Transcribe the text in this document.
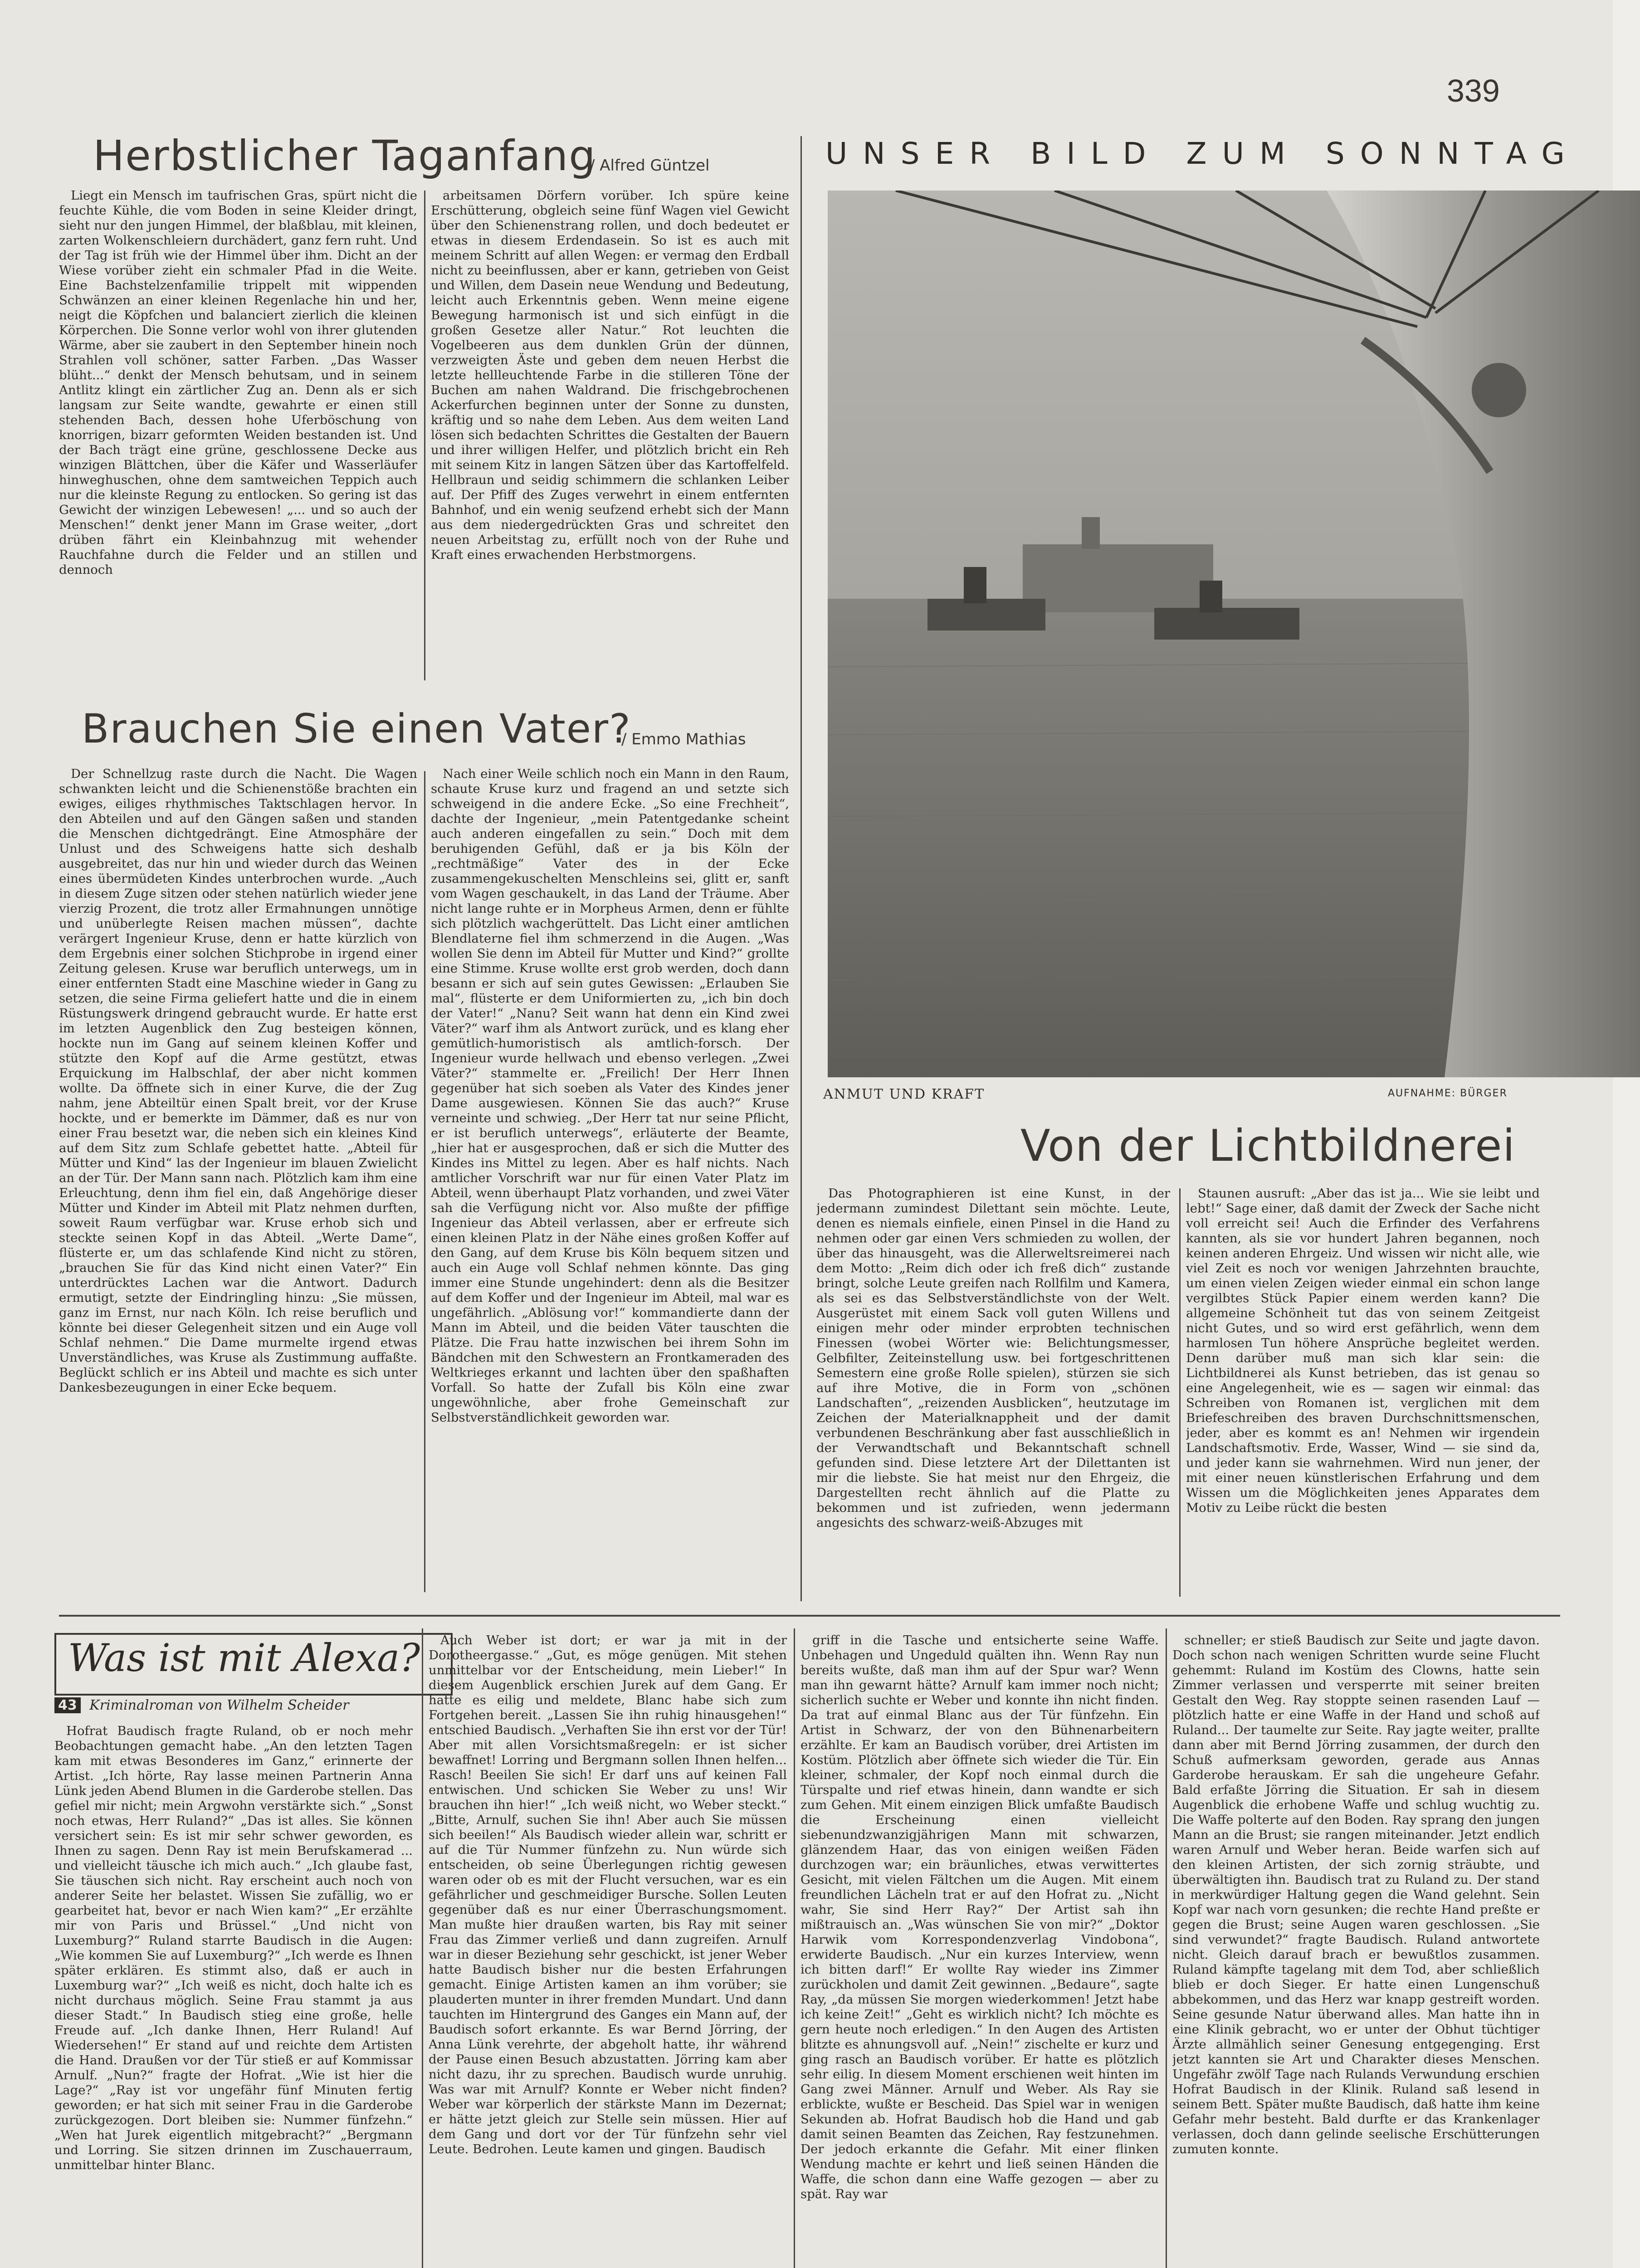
339
Herbstlicher Taganfang
/ Alfred Güntzel

Liegt ein Mensch im taufrischen Gras, spürt nicht die feuchte Kühle, die vom Boden in seine Kleider dringt, sieht nur den jungen Himmel, der blaßblau, mit kleinen, zarten Wolkenschleiern durchädert, ganz fern ruht. Und der Tag ist früh wie der Himmel über ihm. Dicht an der Wiese vorüber zieht ein schmaler Pfad in die Weite. Eine Bachstelzenfamilie trippelt mit wippenden Schwänzen an einer kleinen Regenlache hin und her, neigt die Köpfchen und balanciert zierlich die kleinen Körperchen. Die Sonne verlor wohl von ihrer glutenden Wärme, aber sie zaubert in den September hinein noch Strahlen voll schöner, satter Farben. „Das Wasser blüht...“ denkt der Mensch behutsam, und in seinem Antlitz klingt ein zärtlicher Zug an. Denn als er sich langsam zur Seite wandte, gewahrte er einen still stehenden Bach, dessen hohe Uferböschung von knorrigen, bizarr geformten Weiden bestanden ist. Und der Bach trägt eine grüne, geschlossene Decke aus winzigen Blättchen, über die Käfer und Wasserläufer hinweghuschen, ohne dem samtweichen Teppich auch nur die kleinste Regung zu entlocken. So gering ist das Gewicht der winzigen Lebewesen! „... und so auch der Menschen!“ denkt jener Mann im Grase weiter, „dort drüben fährt ein Kleinbahnzug mit wehender Rauchfahne durch die Felder und an stillen und dennoch

arbeitsamen Dörfern vorüber. Ich spüre keine Erschütterung, obgleich seine fünf Wagen viel Gewicht über den Schienenstrang rollen, und doch bedeutet er etwas in diesem Erdendasein. So ist es auch mit meinem Schritt auf allen Wegen: er vermag den Erdball nicht zu beeinflussen, aber er kann, getrieben von Geist und Willen, dem Dasein neue Wendung und Bedeutung, leicht auch Erkenntnis geben. Wenn meine eigene Bewegung harmonisch ist und sich einfügt in die großen Gesetze aller Natur.“ Rot leuchten die Vogelbeeren aus dem dunklen Grün der dünnen, verzweigten Äste und geben dem neuen Herbst die letzte hellleuchtende Farbe in die stilleren Töne der Buchen am nahen Waldrand. Die frischgebrochenen Ackerfurchen beginnen unter der Sonne zu dunsten, kräftig und so nahe dem Leben. Aus dem weiten Land lösen sich bedachten Schrittes die Gestalten der Bauern und ihrer willigen Helfer, und plötzlich bricht ein Reh mit seinem Kitz in langen Sätzen über das Kartoffelfeld. Hellbraun und seidig schimmern die schlanken Leiber auf. Der Pfiff des Zuges verwehrt in einem entfernten Bahnhof, und ein wenig seufzend erhebt sich der Mann aus dem niedergedrückten Gras und schreitet den neuen Arbeitstag zu, erfüllt noch von der Ruhe und Kraft eines erwachenden Herbstmorgens.

Brauchen Sie einen Vater?
/ Emmo Mathias

Der Schnellzug raste durch die Nacht. Die Wagen schwankten leicht und die Schienenstöße brachten ein ewiges, eiliges rhythmisches Taktschlagen hervor. In den Abteilen und auf den Gängen saßen und standen die Menschen dichtgedrängt. Eine Atmosphäre der Unlust und des Schweigens hatte sich deshalb ausgebreitet, das nur hin und wieder durch das Weinen eines übermüdeten Kindes unterbrochen wurde. „Auch in diesem Zuge sitzen oder stehen natürlich wieder jene vierzig Prozent, die trotz aller Ermahnungen unnötige und unüberlegte Reisen machen müssen“, dachte verärgert Ingenieur Kruse, denn er hatte kürzlich von dem Ergebnis einer solchen Stichprobe in irgend einer Zeitung gelesen. Kruse war beruflich unterwegs, um in einer entfernten Stadt eine Maschine wieder in Gang zu setzen, die seine Firma geliefert hatte und die in einem Rüstungswerk dringend gebraucht wurde. Er hatte erst im letzten Augenblick den Zug besteigen können, hockte nun im Gang auf seinem kleinen Koffer und stützte den Kopf auf die Arme gestützt, etwas Erquickung im Halbschlaf, der aber nicht kommen wollte. Da öffnete sich in einer Kurve, die der Zug nahm, jene Abteiltür einen Spalt breit, vor der Kruse hockte, und er bemerkte im Dämmer, daß es nur von einer Frau besetzt war, die neben sich ein kleines Kind auf dem Sitz zum Schlafe gebettet hatte. „Abteil für Mütter und Kind“ las der Ingenieur im blauen Zwielicht an der Tür. Der Mann sann nach. Plötzlich kam ihm eine Erleuchtung, denn ihm fiel ein, daß Angehörige dieser Mütter und Kinder im Abteil mit Platz nehmen durften, soweit Raum verfügbar war. Kruse erhob sich und steckte seinen Kopf in das Abteil. „Werte Dame“, flüsterte er, um das schlafende Kind nicht zu stören, „brauchen Sie für das Kind nicht einen Vater?“ Ein unterdrücktes Lachen war die Antwort. Dadurch ermutigt, setzte der Eindringling hinzu: „Sie müssen, ganz im Ernst, nur nach Köln. Ich reise beruflich und könnte bei dieser Gelegenheit sitzen und ein Auge voll Schlaf nehmen.“ Die Dame murmelte irgend etwas Unverständliches, was Kruse als Zustimmung auffaßte. Beglückt schlich er ins Abteil und machte es sich unter Dankesbezeugungen in einer Ecke bequem.

Nach einer Weile schlich noch ein Mann in den Raum, schaute Kruse kurz und fragend an und setzte sich schweigend in die andere Ecke. „So eine Frechheit“, dachte der Ingenieur, „mein Patentgedanke scheint auch anderen eingefallen zu sein.“ Doch mit dem beruhigenden Gefühl, daß er ja bis Köln der „rechtmäßige“ Vater des in der Ecke zusammengekuschelten Menschleins sei, glitt er, sanft vom Wagen geschaukelt, in das Land der Träume. Aber nicht lange ruhte er in Morpheus Armen, denn er fühlte sich plötzlich wachgerüttelt. Das Licht einer amtlichen Blendlaterne fiel ihm schmerzend in die Augen. „Was wollen Sie denn im Abteil für Mutter und Kind?“ grollte eine Stimme. Kruse wollte erst grob werden, doch dann besann er sich auf sein gutes Gewissen: „Erlauben Sie mal“, flüsterte er dem Uniformierten zu, „ich bin doch der Vater!“ „Nanu? Seit wann hat denn ein Kind zwei Väter?“ warf ihm als Antwort zurück, und es klang eher gemütlich-humoristisch als amtlich-forsch. Der Ingenieur wurde hellwach und ebenso verlegen. „Zwei Väter?“ stammelte er. „Freilich! Der Herr Ihnen gegenüber hat sich soeben als Vater des Kindes jener Dame ausgewiesen. Können Sie das auch?“ Kruse verneinte und schwieg. „Der Herr tat nur seine Pflicht, er ist beruflich unterwegs“, erläuterte der Beamte, „hier hat er ausgesprochen, daß er sich die Mutter des Kindes ins Mittel zu legen. Aber es half nichts. Nach amtlicher Vorschrift war nur für einen Vater Platz im Abteil, wenn überhaupt Platz vorhanden, und zwei Väter sah die Verfügung nicht vor. Also mußte der pfiffige Ingenieur das Abteil verlassen, aber er erfreute sich einen kleinen Platz in der Nähe eines großen Koffer auf den Gang, auf dem Kruse bis Köln bequem sitzen und auch ein Auge voll Schlaf nehmen könnte. Das ging immer eine Stunde ungehindert: denn als die Besitzer auf dem Koffer und der Ingenieur im Abteil, mal war es ungefährlich. „Ablösung vor!“ kommandierte dann der Mann im Abteil, und die beiden Väter tauschten die Plätze. Die Frau hatte inzwischen bei ihrem Sohn im Bändchen mit den Schwestern an Frontkameraden des Weltkrieges erkannt und lachten über den spaßhaften Vorfall. So hatte der Zufall bis Köln eine zwar ungewöhnliche, aber frohe Gemeinschaft zur Selbstverständlichkeit geworden war.

UNSER BILD ZUM SONNTAG
ANMUT UND KRAFT	AUFNAHME: BÜRGER
Von der Lichtbildnerei

Das Photographieren ist eine Kunst, in der jedermann zumindest Dilettant sein möchte. Leute, denen es niemals einfiele, einen Pinsel in die Hand zu nehmen oder gar einen Vers schmieden zu wollen, der über das hinausgeht, was die Allerweltsreimerei nach dem Motto: „Reim dich oder ich freß dich“ zustande bringt, solche Leute greifen nach Rollfilm und Kamera, als sei es das Selbstverständlichste von der Welt. Ausgerüstet mit einem Sack voll guten Willens und einigen mehr oder minder erprobten technischen Finessen (wobei Wörter wie: Belichtungsmesser, Gelbfilter, Zeiteinstellung usw. bei fortgeschrittenen Semestern eine große Rolle spielen), stürzen sie sich auf ihre Motive, die in Form von „schönen Landschaften“, „reizenden Ausblicken“, heutzutage im Zeichen der Materialknappheit und der damit verbundenen Beschränkung aber fast ausschließlich in der Verwandtschaft und Bekanntschaft schnell gefunden sind. Diese letztere Art der Dilettanten ist mir die liebste. Sie hat meist nur den Ehrgeiz, die Dargestellten recht ähnlich auf die Platte zu bekommen und ist zufrieden, wenn jedermann angesichts des schwarz-weiß-Abzuges mit

Staunen ausruft: „Aber das ist ja... Wie sie leibt und lebt!“ Sage einer, daß damit der Zweck der Sache nicht voll erreicht sei! Auch die Erfinder des Verfahrens kannten, als sie vor hundert Jahren begannen, noch keinen anderen Ehrgeiz. Und wissen wir nicht alle, wie viel Zeit es noch vor wenigen Jahrzehnten brauchte, um einen vielen Zeigen wieder einmal ein schon lange vergilbtes Stück Papier einem werden kann? Die allgemeine Schönheit tut das von seinem Zeitgeist nicht Gutes, und so wird erst gefährlich, wenn dem harmlosen Tun höhere Ansprüche begleitet werden. Denn darüber muß man sich klar sein: die Lichtbildnerei als Kunst betrieben, das ist genau so eine Angelegenheit, wie es — sagen wir einmal: das Schreiben von Romanen ist, verglichen mit dem Briefeschreiben des braven Durchschnittsmenschen, jeder, aber es kommt es an! Nehmen wir irgendein Landschaftsmotiv. Erde, Wasser, Wind — sie sind da, und jeder kann sie wahrnehmen. Wird nun jener, der mit einer neuen künstlerischen Erfahrung und dem Wissen um die Möglichkeiten jenes Apparates dem Motiv zu Leibe rückt die besten

Was ist mit Alexa?
43 Kriminalroman von Wilhelm Scheider

Hofrat Baudisch fragte Ruland, ob er noch mehr Beobachtungen gemacht habe. „An den letzten Tagen kam mit etwas Besonderes im Ganz,“ erinnerte der Artist. „Ich hörte, Ray lasse meinen Partnerin Anna Lünk jeden Abend Blumen in die Garderobe stellen. Das gefiel mir nicht; mein Argwohn verstärkte sich.“ „Sonst noch etwas, Herr Ruland?“ „Das ist alles. Sie können versichert sein: Es ist mir sehr schwer geworden, es Ihnen zu sagen. Denn Ray ist mein Berufskamerad ... und vielleicht täusche ich mich auch.“ „Ich glaube fast, Sie täuschen sich nicht. Ray erscheint auch noch von anderer Seite her belastet. Wissen Sie zufällig, wo er gearbeitet hat, bevor er nach Wien kam?“ „Er erzählte mir von Paris und Brüssel.“ „Und nicht von Luxemburg?“ Ruland starrte Baudisch in die Augen: „Wie kommen Sie auf Luxemburg?“ „Ich werde es Ihnen später erklären. Es stimmt also, daß er auch in Luxemburg war?“ „Ich weiß es nicht, doch halte ich es nicht durchaus möglich. Seine Frau stammt ja aus dieser Stadt.“ In Baudisch stieg eine große, helle Freude auf. „Ich danke Ihnen, Herr Ruland! Auf Wiedersehen!“ Er stand auf und reichte dem Artisten die Hand. Draußen vor der Tür stieß er auf Kommissar Arnulf. „Nun?“ fragte der Hofrat. „Wie ist hier die Lage?“ „Ray ist vor ungefähr fünf Minuten fertig geworden; er hat sich mit seiner Frau in die Garderobe zurückgezogen. Dort bleiben sie: Nummer fünfzehn.“ „Wen hat Jurek eigentlich mitgebracht?“ „Bergmann und Lorring. Sie sitzen drinnen im Zuschauerraum, unmittelbar hinter Blanc.

Auch Weber ist dort; er war ja mit in der Dorotheergasse.“ „Gut, es möge genügen. Mit stehen unmittelbar vor der Entscheidung, mein Lieber!“ In diesem Augenblick erschien Jurek auf dem Gang. Er hatte es eilig und meldete, Blanc habe sich zum Fortgehen bereit. „Lassen Sie ihn ruhig hinausgehen!“ entschied Baudisch. „Verhaften Sie ihn erst vor der Tür! Aber mit allen Vorsichtsmaßregeln: er ist sicher bewaffnet! Lorring und Bergmann sollen Ihnen helfen... Rasch! Beeilen Sie sich! Er darf uns auf keinen Fall entwischen. Und schicken Sie Weber zu uns! Wir brauchen ihn hier!“ „Ich weiß nicht, wo Weber steckt.“ „Bitte, Arnulf, suchen Sie ihn! Aber auch Sie müssen sich beeilen!“ Als Baudisch wieder allein war, schritt er auf die Tür Nummer fünfzehn zu. Nun würde sich entscheiden, ob seine Überlegungen richtig gewesen waren oder ob es mit der Flucht versuchen, war es ein gefährlicher und geschmeidiger Bursche. Sollen Leuten gegenüber daß es nur einer Überraschungsmoment. Man mußte hier draußen warten, bis Ray mit seiner Frau das Zimmer verließ und dann zugreifen. Arnulf war in dieser Beziehung sehr geschickt, ist jener Weber hatte Baudisch bisher nur die besten Erfahrungen gemacht. Einige Artisten kamen an ihm vorüber; sie plauderten munter in ihrer fremden Mundart. Und dann tauchten im Hintergrund des Ganges ein Mann auf, der Baudisch sofort erkannte. Es war Bernd Jörring, der Anna Lünk verehrte, der abgeholt hatte, ihr während der Pause einen Besuch abzustatten. Jörring kam aber nicht dazu, ihr zu sprechen. Baudisch wurde unruhig. Was war mit Arnulf? Konnte er Weber nicht finden? Weber war körperlich der stärkste Mann im Dezernat; er hätte jetzt gleich zur Stelle sein müssen. Hier auf dem Gang und dort vor der Tür fünfzehn sehr viel Leute. Bedrohen. Leute kamen und gingen. Baudisch

griff in die Tasche und entsicherte seine Waffe. Unbehagen und Ungeduld quälten ihn. Wenn Ray nun bereits wußte, daß man ihm auf der Spur war? Wenn man ihn gewarnt hätte? Arnulf kam immer noch nicht; sicherlich suchte er Weber und konnte ihn nicht finden. Da trat auf einmal Blanc aus der Tür fünfzehn. Ein Artist in Schwarz, der von den Bühnenarbeitern erzählte. Er kam an Baudisch vorüber, drei Artisten im Kostüm. Plötzlich aber öffnete sich wieder die Tür. Ein kleiner, schmaler, der Kopf noch einmal durch die Türspalte und rief etwas hinein, dann wandte er sich zum Gehen. Mit einem einzigen Blick umfaßte Baudisch die Erscheinung einen vielleicht siebenundzwanzigjährigen Mann mit schwarzen, glänzendem Haar, das von einigen weißen Fäden durchzogen war; ein bräunliches, etwas verwittertes Gesicht, mit vielen Fältchen um die Augen. Mit einem freundlichen Lächeln trat er auf den Hofrat zu. „Nicht wahr, Sie sind Herr Ray?“ Der Artist sah ihn mißtrauisch an. „Was wünschen Sie von mir?“ „Doktor Harwik vom Korrespondenzverlag Vindobona“, erwiderte Baudisch. „Nur ein kurzes Interview, wenn ich bitten darf!“ Er wollte Ray wieder ins Zimmer zurückholen und damit Zeit gewinnen. „Bedaure“, sagte Ray, „da müssen Sie morgen wiederkommen! Jetzt habe ich keine Zeit!“ „Geht es wirklich nicht? Ich möchte es gern heute noch erledigen.“ In den Augen des Artisten blitzte es ahnungsvoll auf. „Nein!“ zischelte er kurz und ging rasch an Baudisch vorüber. Er hatte es plötzlich sehr eilig. In diesem Moment erschienen weit hinten im Gang zwei Männer. Arnulf und Weber. Als Ray sie erblickte, wußte er Bescheid. Das Spiel war in wenigen Sekunden ab. Hofrat Baudisch hob die Hand und gab damit seinen Beamten das Zeichen, Ray festzunehmen. Der jedoch erkannte die Gefahr. Mit einer flinken Wendung machte er kehrt und ließ seinen Händen die Waffe, die schon dann eine Waffe gezogen — aber zu spät. Ray war

schneller; er stieß Baudisch zur Seite und jagte davon. Doch schon nach wenigen Schritten wurde seine Flucht gehemmt: Ruland im Kostüm des Clowns, hatte sein Zimmer verlassen und versperrte mit seiner breiten Gestalt den Weg. Ray stoppte seinen rasenden Lauf — plötzlich hatte er eine Waffe in der Hand und schoß auf Ruland... Der taumelte zur Seite. Ray jagte weiter, prallte dann aber mit Bernd Jörring zusammen, der durch den Schuß aufmerksam geworden, gerade aus Annas Garderobe herauskam. Er sah die ungeheure Gefahr. Bald erfaßte Jörring die Situation. Er sah in diesem Augenblick die erhobene Waffe und schlug wuchtig zu. Die Waffe polterte auf den Boden. Ray sprang den jungen Mann an die Brust; sie rangen miteinander. Jetzt endlich waren Arnulf und Weber heran. Beide warfen sich auf den kleinen Artisten, der sich zornig sträubte, und überwältigten ihn. Baudisch trat zu Ruland zu. Der stand in merkwürdiger Haltung gegen die Wand gelehnt. Sein Kopf war nach vorn gesunken; die rechte Hand preßte er gegen die Brust; seine Augen waren geschlossen. „Sie sind verwundet?“ fragte Baudisch. Ruland antwortete nicht. Gleich darauf brach er bewußtlos zusammen. Ruland kämpfte tagelang mit dem Tod, aber schließlich blieb er doch Sieger. Er hatte einen Lungenschuß abbekommen, und das Herz war knapp gestreift worden. Seine gesunde Natur überwand alles. Man hatte ihn in eine Klinik gebracht, wo er unter der Obhut tüchtiger Ärzte allmählich seiner Genesung entgegenging. Erst jetzt kannten sie Art und Charakter dieses Menschen. Ungefähr zwölf Tage nach Rulands Verwundung erschien Hofrat Baudisch in der Klinik. Ruland saß lesend in seinem Bett. Später mußte Baudisch, daß hatte ihm keine Gefahr mehr besteht. Bald durfte er das Krankenlager verlassen, doch dann gelinde seelische Erschütterungen zumuten konnte.
